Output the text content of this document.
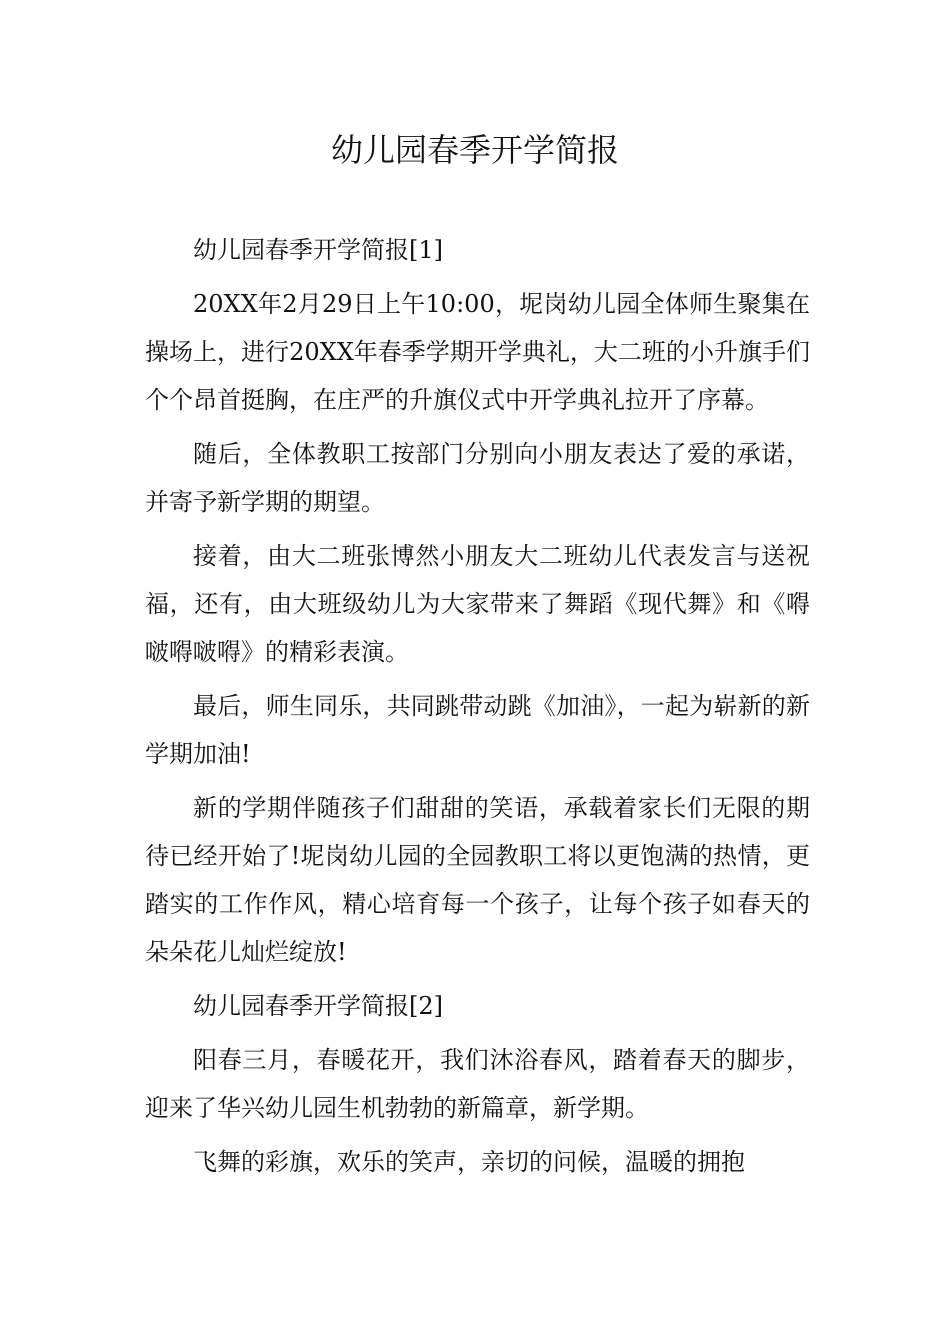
幼儿园春季开学简报

幼儿园春季开学简报[1]

20XX年2月29日上午10:00，坭岗幼儿园全体师生聚集在操场上，进行20XX年春季学期开学典礼，大二班的小升旗手们个个昂首挺胸，在庄严的升旗仪式中开学典礼拉开了序幕。

随后，全体教职工按部门分别向小朋友表达了爱的承诺，并寄予新学期的期望。

接着，由大二班张博然小朋友大二班幼儿代表发言与送祝福，还有，由大班级幼儿为大家带来了舞蹈《现代舞》和《嘚啵嘚啵嘚》的精彩表演。

最后，师生同乐，共同跳带动跳《加油》，一起为崭新的新学期加油!

新的学期伴随孩子们甜甜的笑语，承载着家长们无限的期待已经开始了!坭岗幼儿园的全园教职工将以更饱满的热情，更踏实的工作作风，精心培育每一个孩子，让每个孩子如春天的朵朵花儿灿烂绽放!

幼儿园春季开学简报[2]

阳春三月，春暖花开，我们沐浴春风，踏着春天的脚步，迎来了华兴幼儿园生机勃勃的新篇章，新学期。

飞舞的彩旗，欢乐的笑声，亲切的问候，温暖的拥抱
